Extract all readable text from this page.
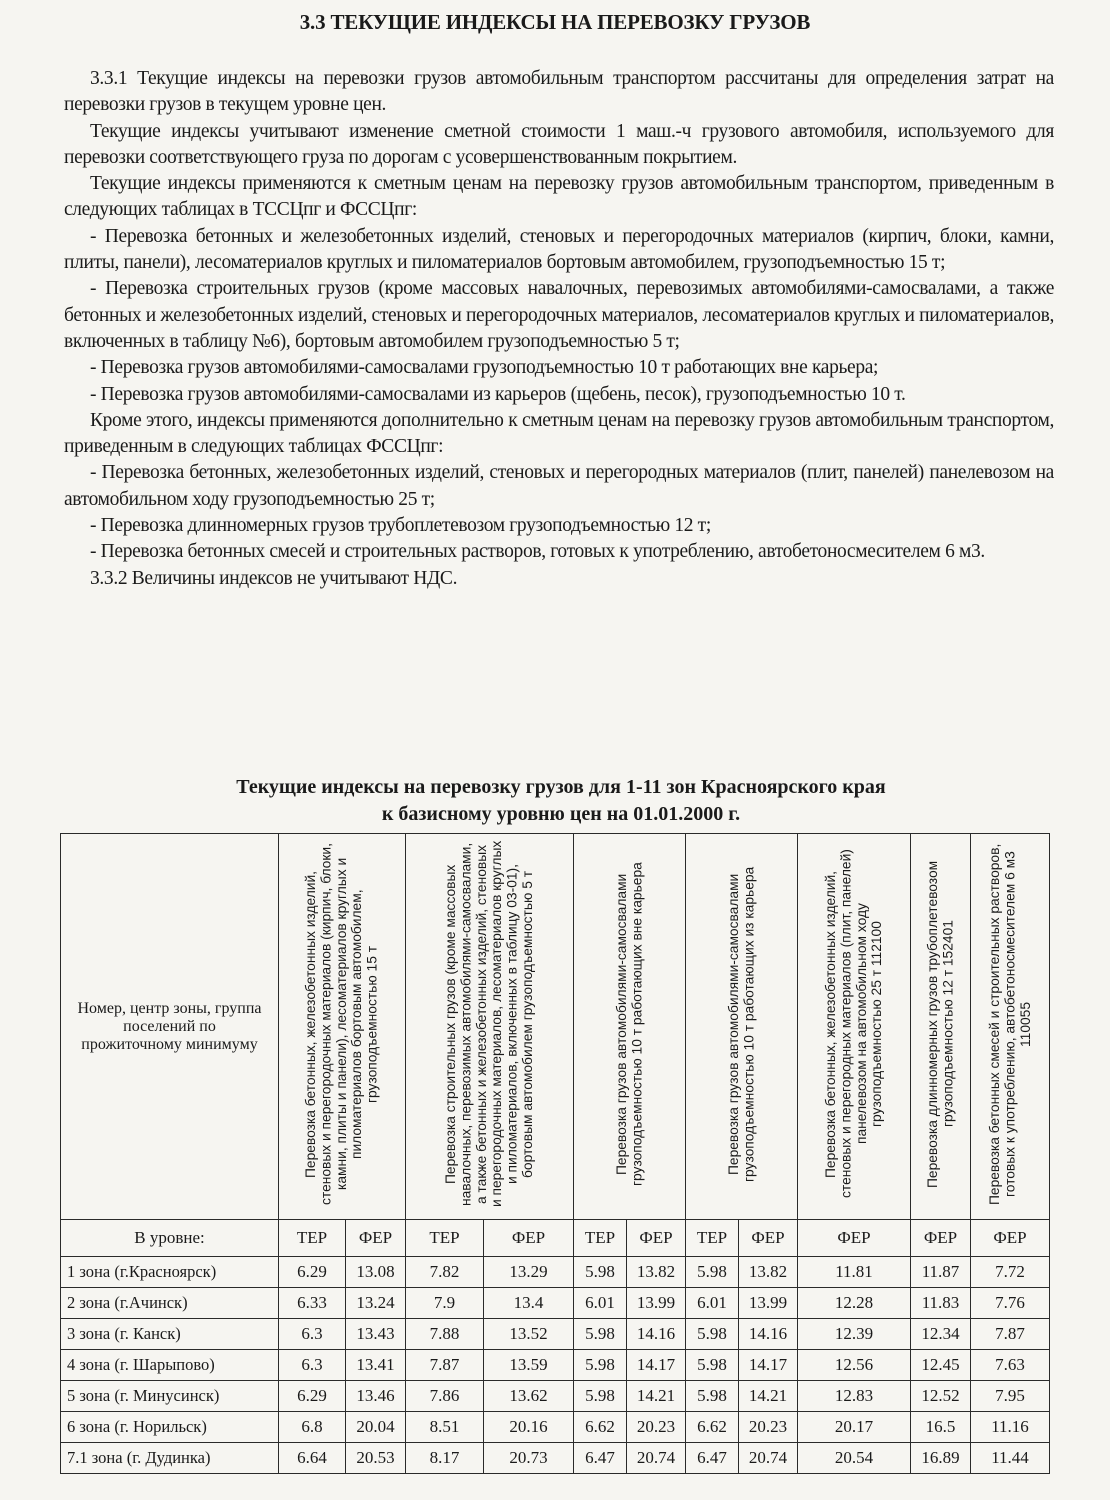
3.3 ТЕКУЩИЕ ИНДЕКСЫ НА ПЕРЕВОЗКУ ГРУЗОВ

3.3.1 Текущие индексы на перевозки грузов автомобильным транспортом рассчитаны для определения затрат на перевозки грузов в текущем уровне цен.

Текущие индексы учитывают изменение сметной стоимости 1 маш.-ч грузового автомобиля, используемого для перевозки соответствующего груза по дорогам с усовершенствованным покрытием.

Текущие индексы применяются к сметным ценам на перевозку грузов автомобильным транспортом, приведенным в следующих таблицах в ТССЦпг и ФССЦпг:

- Перевозка бетонных и железобетонных изделий, стеновых и перегородочных материалов (кирпич, блоки, камни, плиты, панели), лесоматериалов круглых и пиломатериалов бортовым автомобилем, грузоподъемностью 15 т;

- Перевозка строительных грузов (кроме массовых навалочных, перевозимых автомобилями-самосвалами, а также бетонных и железобетонных изделий, стеновых и перегородочных материалов, лесоматериалов круглых и пиломатериалов, включенных в таблицу №6), бортовым автомобилем грузоподъемностью 5 т;

- Перевозка грузов автомобилями-самосвалами грузоподъемностью 10 т работающих вне карьера;

- Перевозка грузов автомобилями-самосвалами из карьеров (щебень, песок), грузоподъемностью 10 т.

Кроме этого, индексы применяются дополнительно к сметным ценам на перевозку грузов автомобильным транспортом, приведенным в следующих таблицах ФССЦпг:

- Перевозка бетонных, железобетонных изделий, стеновых и перегородных материалов (плит, панелей) панелевозом на автомобильном ходу грузоподъемностью 25 т;

- Перевозка длинномерных грузов трубоплетевозом грузоподъемностью 12 т;

- Перевозка бетонных смесей и строительных растворов, готовых к употреблению, автобетоносмесителем 6 м3.

3.3.2 Величины индексов не учитывают НДС.

Текущие индексы на перевозку грузов для 1-11 зон Красноярского края
к базисному уровню цен на 01.01.2000 г.
Номер, центр зоны, группа поселений по прожиточному минимуму	Перевозка бетонных, железобетонных изделий, стеновых и перегородочных материалов (кирпич, блоки, камни, плиты и панели), лесоматериалов круглых и пиломатериалов бортовым автомобилем, грузоподъемностью 15 т	Перевозка строительных грузов (кроме массовых навалочных, перевозимых автомобилями-самосвалами, а также бетонных и железобетонных изделий, стеновых и перегородочных материалов, лесоматериалов круглых и пиломатериалов, включенных в таблицу 03-01), бортовым автомобилем грузоподъемностью 5 т	Перевозка грузов автомобилями-самосвалами грузоподъемностью 10 т работающих вне карьера	Перевозка грузов автомобилями-самосвалами грузоподъемностью 10 т работающих из карьера	Перевозка бетонных, железобетонных изделий, стеновых и перегородных материалов (плит, панелей) панелевозом на автомобильном ходу грузоподъемностью 25 т 112100	Перевозка длинномерных грузов трубоплетевозом грузоподъемностью 12 т 152401	Перевозка бетонных смесей и строительных растворов, готовых к употреблению, автобетоносмесителем 6 м3 110055
В уровне:	ТЕР	ФЕР	ТЕР	ФЕР	ТЕР	ФЕР	ТЕР	ФЕР	ФЕР	ФЕР	ФЕР
1 зона (г.Красноярск)	6.29	13.08	7.82	13.29	5.98	13.82	5.98	13.82	11.81	11.87	7.72
2 зона (г.Ачинск)	6.33	13.24	7.9	13.4	6.01	13.99	6.01	13.99	12.28	11.83	7.76
3 зона (г. Канск)	6.3	13.43	7.88	13.52	5.98	14.16	5.98	14.16	12.39	12.34	7.87
4 зона (г. Шарыпово)	6.3	13.41	7.87	13.59	5.98	14.17	5.98	14.17	12.56	12.45	7.63
5 зона (г. Минусинск)	6.29	13.46	7.86	13.62	5.98	14.21	5.98	14.21	12.83	12.52	7.95
6 зона (г. Норильск)	6.8	20.04	8.51	20.16	6.62	20.23	6.62	20.23	20.17	16.5	11.16
7.1 зона (г. Дудинка)	6.64	20.53	8.17	20.73	6.47	20.74	6.47	20.74	20.54	16.89	11.44
